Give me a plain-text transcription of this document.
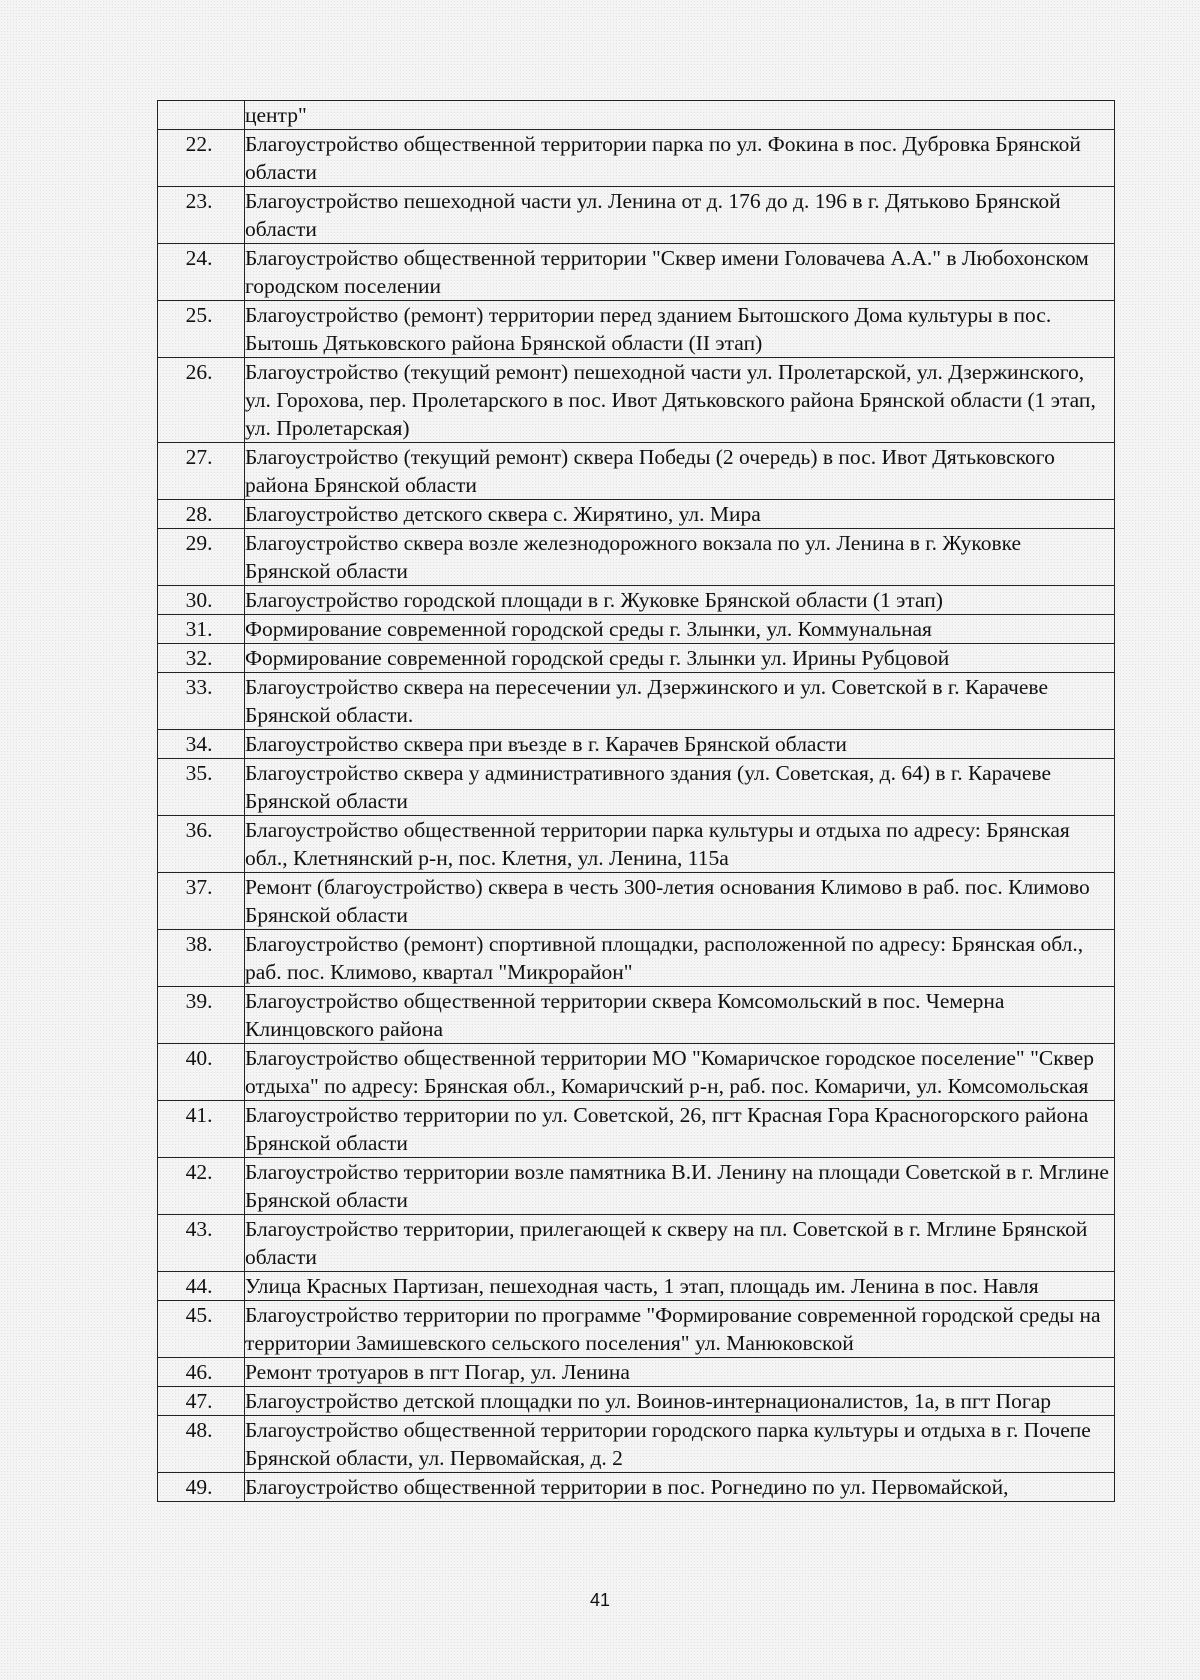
	центр"
22.	Благоустройство общественной территории парка по ул. Фокина в пос. Дубровка Брянской области
23.	Благоустройство пешеходной части ул. Ленина от д. 176 до д. 196 в г. Дятьково Брянской области
24.	Благоустройство общественной территории "Сквер имени Головачева А.А." в Любохонском городском поселении
25.	Благоустройство (ремонт) территории перед зданием Бытошского Дома культуры в пос. Бытошь Дятьковского района Брянской области (II этап)
26.	Благоустройство (текущий ремонт) пешеходной части ул. Пролетарской, ул. Дзержинского, ул. Горохова, пер. Пролетарского в пос. Ивот Дятьковского района Брянской области (1 этап, ул. Пролетарская)
27.	Благоустройство (текущий ремонт) сквера Победы (2 очередь) в пос. Ивот Дятьковского района Брянской области
28.	Благоустройство детского сквера с. Жирятино, ул. Мира
29.	Благоустройство сквера возле железнодорожного вокзала по ул. Ленина в г. Жуковке Брянской области
30.	Благоустройство городской площади в г. Жуковке Брянской области (1 этап)
31.	Формирование современной городской среды г. Злынки, ул. Коммунальная
32.	Формирование современной городской среды г. Злынки ул. Ирины Рубцовой
33.	Благоустройство сквера на пересечении ул. Дзержинского и ул. Советской в г. Карачеве Брянской области.
34.	Благоустройство сквера при въезде в г. Карачев Брянской области
35.	Благоустройство сквера у административного здания (ул. Советская, д. 64) в г. Карачеве Брянской области
36.	Благоустройство общественной территории парка культуры и отдыха по адресу: Брянская обл., Клетнянский р-н, пос. Клетня, ул. Ленина, 115а
37.	Ремонт (благоустройство) сквера в честь 300-летия основания Климово в раб. пос. Климово Брянской области
38.	Благоустройство (ремонт) спортивной площадки, расположенной по адресу: Брянская обл., раб. пос. Климово, квартал "Микрорайон"
39.	Благоустройство общественной территории сквера Комсомольский в пос. Чемерна Клинцовского района
40.	Благоустройство общественной территории МО "Комаричское городское поселение" "Сквер отдыха" по адресу: Брянская обл., Комаричский р-н, раб. пос. Комаричи, ул. Комсомольская
41.	Благоустройство территории по ул. Советской, 26, пгт Красная Гора Красногорского района Брянской области
42.	Благоустройство территории возле памятника В.И. Ленину на площади Советской в г. Мглине Брянской области
43.	Благоустройство территории, прилегающей к скверу на пл. Советской в г. Мглине Брянской области
44.	Улица Красных Партизан, пешеходная часть, 1 этап, площадь им. Ленина в пос. Навля
45.	Благоустройство территории по программе "Формирование современной городской среды на территории Замишевского сельского поселения" ул. Манюковской
46.	Ремонт тротуаров в пгт Погар, ул. Ленина
47.	Благоустройство детской площадки по ул. Воинов-интернационалистов, 1а, в пгт Погар
48.	Благоустройство общественной территории городского парка культуры и отдыха в г. Почепе Брянской области, ул. Первомайская, д. 2
49.	Благоустройство общественной территории в пос. Рогнедино по ул. Первомайской,
41
